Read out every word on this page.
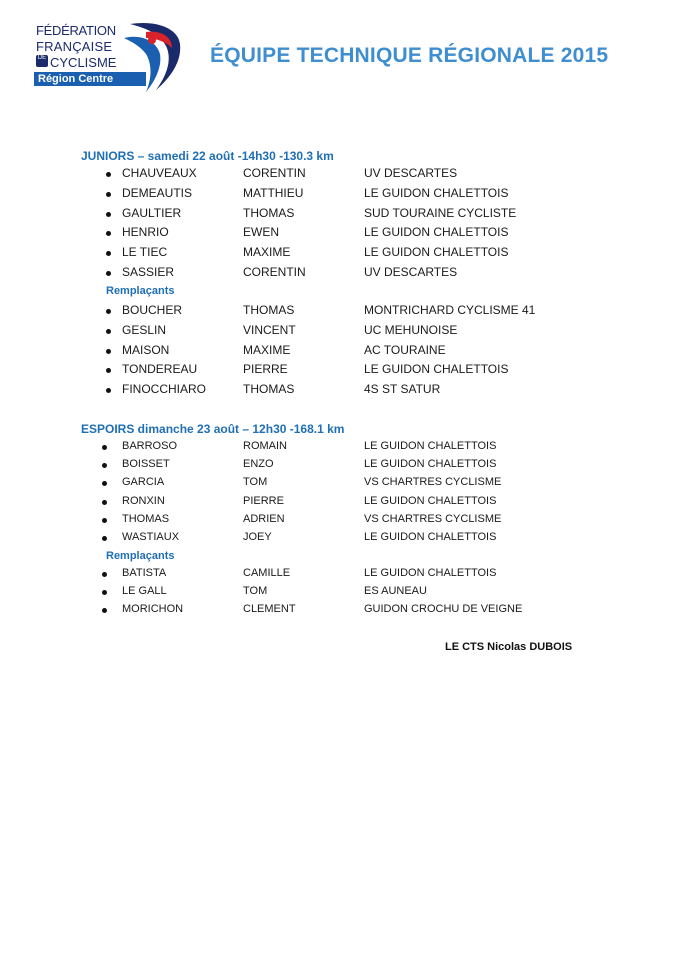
FÉDÉRATION
FRANÇAISE
DE CYCLISME
Région Centre
ÉQUIPE TECHNIQUE RÉGIONALE 2015
JUNIORS – samedi 22 août -14h30 -130.3 km
CHAUVEAUX	CORENTIN	UV DESCARTES
DEMEAUTIS	MATTHIEU	LE GUIDON CHALETTOIS
GAULTIER	THOMAS	SUD TOURAINE CYCLISTE
HENRIO	EWEN	LE GUIDON CHALETTOIS
LE TIEC	MAXIME	LE GUIDON CHALETTOIS
SASSIER	CORENTIN	UV DESCARTES
Remplaçants
BOUCHER	THOMAS	MONTRICHARD CYCLISME 41
GESLIN	VINCENT	UC MEHUNOISE
MAISON	MAXIME	AC TOURAINE
TONDEREAU	PIERRE	LE GUIDON CHALETTOIS
FINOCCHIARO	THOMAS	4S ST SATUR
ESPOIRS dimanche 23 août – 12h30 -168.1 km
BARROSO	ROMAIN	LE GUIDON CHALETTOIS
BOISSET	ENZO	LE GUIDON CHALETTOIS
GARCIA	TOM	VS CHARTRES CYCLISME
RONXIN	PIERRE	LE GUIDON CHALETTOIS
THOMAS	ADRIEN	VS CHARTRES CYCLISME
WASTIAUX	JOEY	LE GUIDON CHALETTOIS
Remplaçants
BATISTA	CAMILLE	LE GUIDON CHALETTOIS
LE GALL	TOM	ES AUNEAU
MORICHON	CLEMENT	GUIDON CROCHU DE VEIGNE
LE CTS Nicolas DUBOIS
